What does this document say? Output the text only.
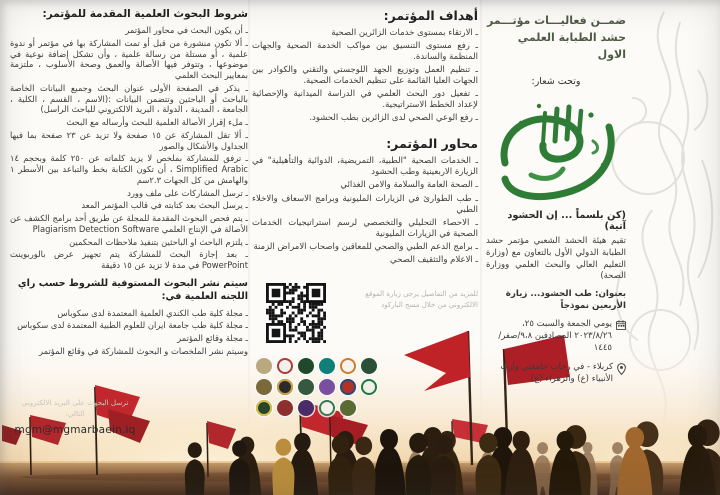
شروط البحوث العلمية المقدمة للمؤتمر:
ـ أن يكون البحث في محاور المؤتمر
ـ ألا تكون منشورة من قبل أو تمت المشاركة بها في مؤتمر أو ندوة علمية ، أو مستلة من رسالة علمية ، وأن تشكل إضافة نوعية في موضوعها ، وتتوفر فيها الأصالة والعمق وصحة الأسلوب ، ملتزمة بمعايير البحث العلمي
ـ يذكر في الصفحة الأولى عنوان البحث وجميع البيانات الخاصة بالباحث أو الباحثين وتتضمن البيانات :(الاسم ، القسم ، الكلية ، الجامعة ، المدينة ، الدولة ، البريد الالكتروني للباحث الراسل)
ـ ملء إقرار الأصالة العلمية للبحث وأرساله مع البحث
ـ ألا تقل المشاركة عن ١٥ صفحة ولا تزيد عن ٢٣ صفحة بما فيها الجداول والأشكال والصور
ـ ترفق للمشاركة بملخص لا يزيد كلماته عن ٢٥٠ كلمة وبحجم ١٤ Simplified Arabic ، أن تكون الكتابة بخط والتباعد بين الأسطر ١ والهامش من كل الجهات ٢.٣سم
ـ ترسل المشاركات على ملف وورد
ـ يرسل البحث بعد كتابته في قالب المؤتمر المعد
ـ يتم فحص البحوث المقدمة للمجلة عن طريق أحد برامج الكشف عن الأصالة في الإنتاج العلمي Plagiarism Detection Software
ـ يلتزم الباحث او الباحثين بتنفيذ ملاحظات المحكمين
ـ بعد إجازة البحث للمشاركة يتم تجهيز عرض بالوربوينت PowerPoint في مدة لا تزيد عن ١٥ دقيقة
سيتم نشر البحوث المستوفية للشروط حسب راي اللجنه العلمية في:
ـ مجلة كلية طب الكندي العلمية المعتمدة لدى سكوباس
ـ مجلة كلية طب جامعة ايران للعلوم الطبية المعتمدة لدى سكوباس
ـ مجلة وقائع المؤتمر
وسيتم نشر الملخصات و البحوث للمشاركة في وقائع المؤتمر
ترسل البحوث على البريد الالكتروني التالي:
mgm@mgmarbaein.iq
أهداف المؤتمر:
ـ الارتقاء بمستوى خدمات الزائرين الصحية
ـ رفع مستوى التنسيق بين مواكب الخدمة الصحية والجهات المنظمة والساندة.
ـ تنظيم العمل وتوزيع الجهد اللوجستي والتقني والكوادر بين الجهات العليا القائمة على تنظيم الخدمات الصحية.
ـ تفعيل دور البحث العلمي في الدراسة الميدانية والإحصائية لإعداد الخطط الاستراتيجية.
ـ رفع الوعي الصحي لدى الزائرين بطب الحشود.
محاور المؤتمر:
ـ الخدمات الصحية "الطبية، التمريضية، الدوائية والتأهيلية" في الزيارة الاربعينية وطب الحشود
ـ الصحة العامة والسلامة والامن الغذائي
ـ طب الطوارئ في الزيارات المليونية وبرامج الاسعاف والاخلاء الطبي
ـ الاحصاء التحليلي والتخصصي لرسم استراتيجيات الخدمات الصحية في الزيارات المليونية
ـ برامج الدعم الطبي والصحي للمعاقين واصحاب الامراض الزمنة
ـ الاعلام والتثقيف الصحي
للمزيد من التفاصيل يرجى زيارة الموقع الالكتروني من خلال مسح الباركود
ضمــن فعاليـــات مؤتـــمر
حشد الطبابة العلمي الاول
وتحت شعار:
(كن بلسماً ... إن الحشود آتية)
تقيم هيئة الحشد الشعبي مؤتمر حشد الطبابة الدولي الأول بالتعاون مع (وزارة التعليم العالي والبحث العلمي ووزارة الصحة)
بعنوان: طب الحشود... زيارة الأربعين نموذجاً
يومي الجمعة والسبت ٢٥، ٢٠٢٣/٨/٢٦ المصادفين ٩،٨/صفر/١٤٤٥
كربلاء - في رحاب جامعتي وارث الأنبياء (ع) والزهراء (ع)
